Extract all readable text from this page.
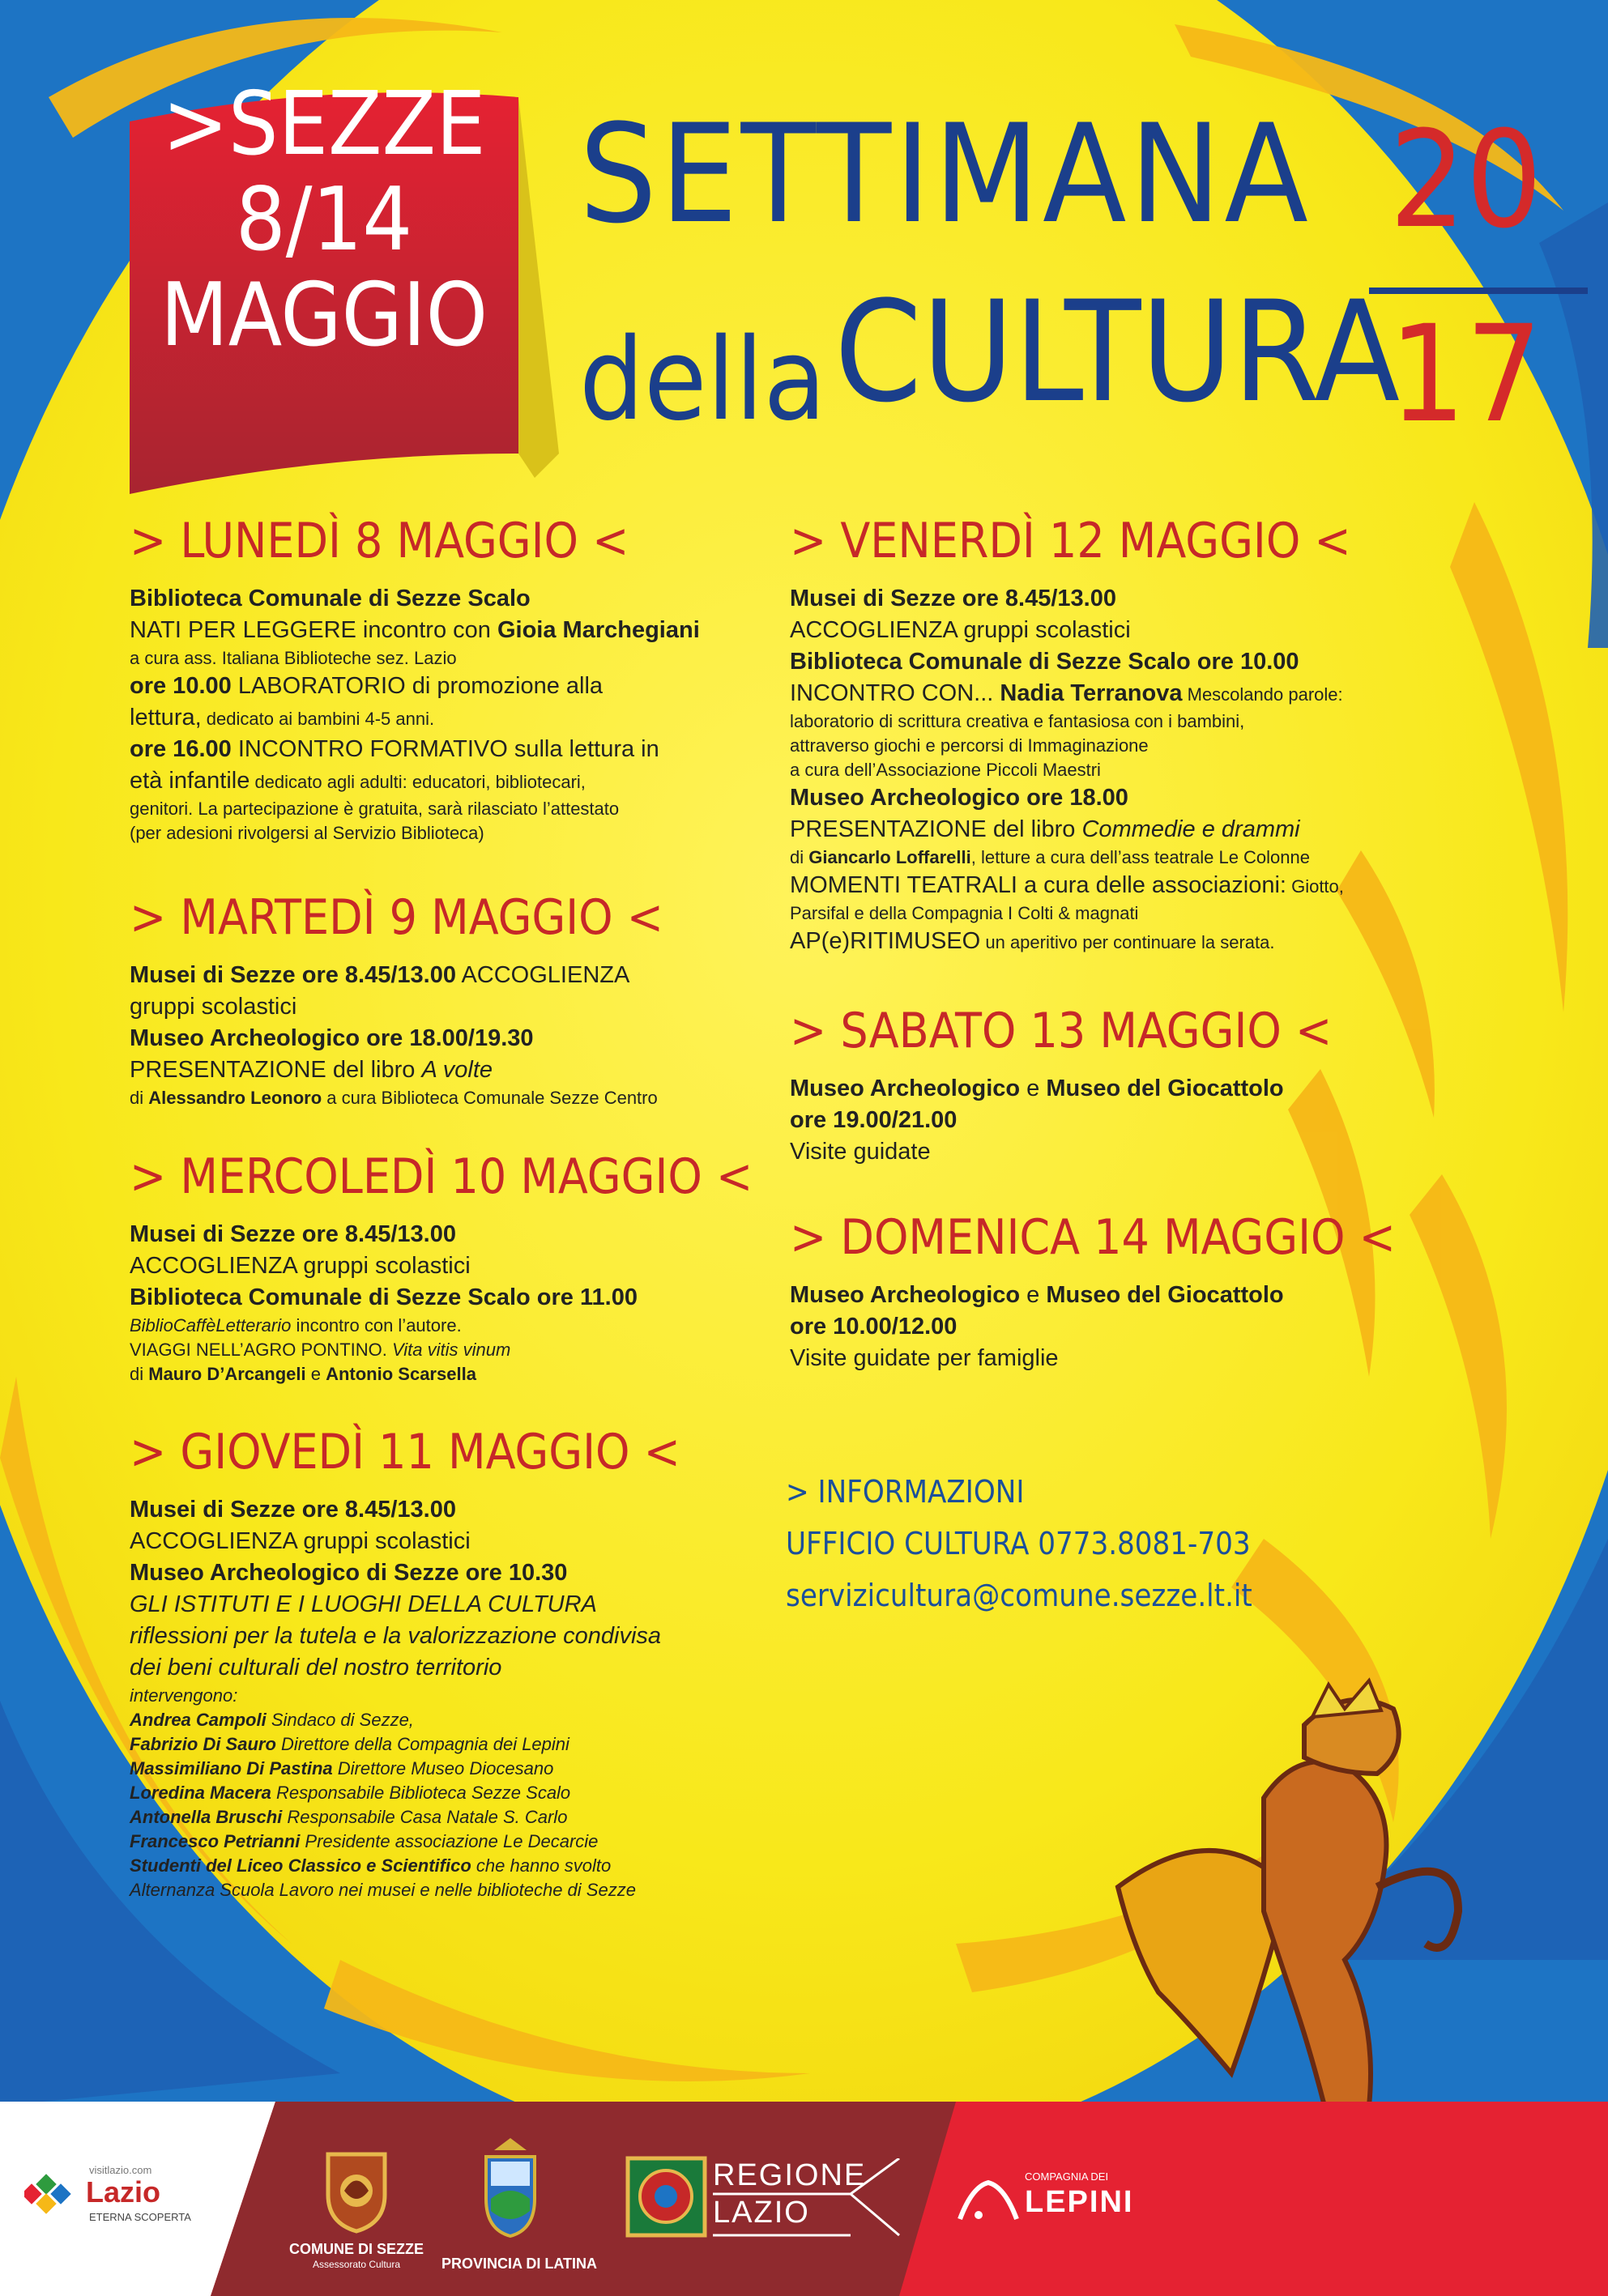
>SEZZE
8/14
MAGGIO
SETTIMANA
della CULTURA
20
17
> LUNEDÌ 8 MAGGIO <

Biblioteca Comunale di Sezze Scalo

NATI PER LEGGERE incontro con Gioia Marchegiani

a cura ass. Italiana Biblioteche sez. Lazio

ore 10.00 LABORATORIO di promozione alla

lettura, dedicato ai bambini 4-5 anni.

ore 16.00 INCONTRO FORMATIVO sulla lettura in

età infantile dedicato agli adulti: educatori, bibliotecari,

genitori. La partecipazione è gratuita, sarà rilasciato l’attestato

(per adesioni rivolgersi al Servizio Biblioteca)

> MARTEDÌ 9 MAGGIO <

Musei di Sezze ore 8.45/13.00 ACCOGLIENZA

gruppi scolastici

Museo Archeologico ore 18.00/19.30

PRESENTAZIONE del libro A volte

di Alessandro Leonoro a cura Biblioteca Comunale Sezze Centro

> MERCOLEDÌ 10 MAGGIO <

Musei di Sezze ore 8.45/13.00

ACCOGLIENZA gruppi scolastici

Biblioteca Comunale di Sezze Scalo ore 11.00

BiblioCaffèLetterario incontro con l’autore.

VIAGGI NELL’AGRO PONTINO. Vita vitis vinum

di Mauro D’Arcangeli e Antonio Scarsella

> GIOVEDÌ 11 MAGGIO <

Musei di Sezze ore 8.45/13.00

ACCOGLIENZA gruppi scolastici

Museo Archeologico di Sezze ore 10.30

GLI ISTITUTI E I LUOGHI DELLA CULTURA

riflessioni per la tutela e la valorizzazione condivisa

dei beni culturali del nostro territorio

intervengono:

Andrea Campoli Sindaco di Sezze,

Fabrizio Di Sauro Direttore della Compagnia dei Lepini

Massimiliano Di Pastina Direttore Museo Diocesano

Loredina Macera Responsabile Biblioteca Sezze Scalo

Antonella Bruschi Responsabile Casa Natale S. Carlo

Francesco Petrianni Presidente associazione Le Decarcie

Studenti del Liceo Classico e Scientifico che hanno svolto

Alternanza Scuola Lavoro nei musei e nelle biblioteche di Sezze

> VENERDÌ 12 MAGGIO <

Musei di Sezze ore 8.45/13.00

ACCOGLIENZA gruppi scolastici

Biblioteca Comunale di Sezze Scalo ore 10.00

INCONTRO CON... Nadia Terranova Mescolando parole:

laboratorio di scrittura creativa e fantasiosa con i bambini,

attraverso giochi e percorsi di Immaginazione

a cura dell’Associazione Piccoli Maestri

Museo Archeologico ore 18.00

PRESENTAZIONE del libro Commedie e drammi

di Giancarlo Loffarelli, letture a cura dell’ass teatrale Le Colonne

MOMENTI TEATRALI a cura delle associazioni: Giotto,

Parsifal e della Compagnia I Colti & magnati

AP(e)RITIMUSEO un aperitivo per continuare la serata.

> SABATO 13 MAGGIO <

Museo Archeologico e Museo del Giocattolo

ore 19.00/21.00

Visite guidate

> DOMENICA 14 MAGGIO <

Museo Archeologico e Museo del Giocattolo

ore 10.00/12.00

Visite guidate per famiglie

> INFORMAZIONI
UFFICIO CULTURA 0773.8081-703
servizicultura@comune.sezze.lt.it
visitlazio.com
Lazio
ETERNA SCOPERTA
COMUNE DI SEZZE
Assessorato Cultura	PROVINCIA DI LATINA
REGIONE
LAZIO
COMPAGNIA DEI
LEPINI
